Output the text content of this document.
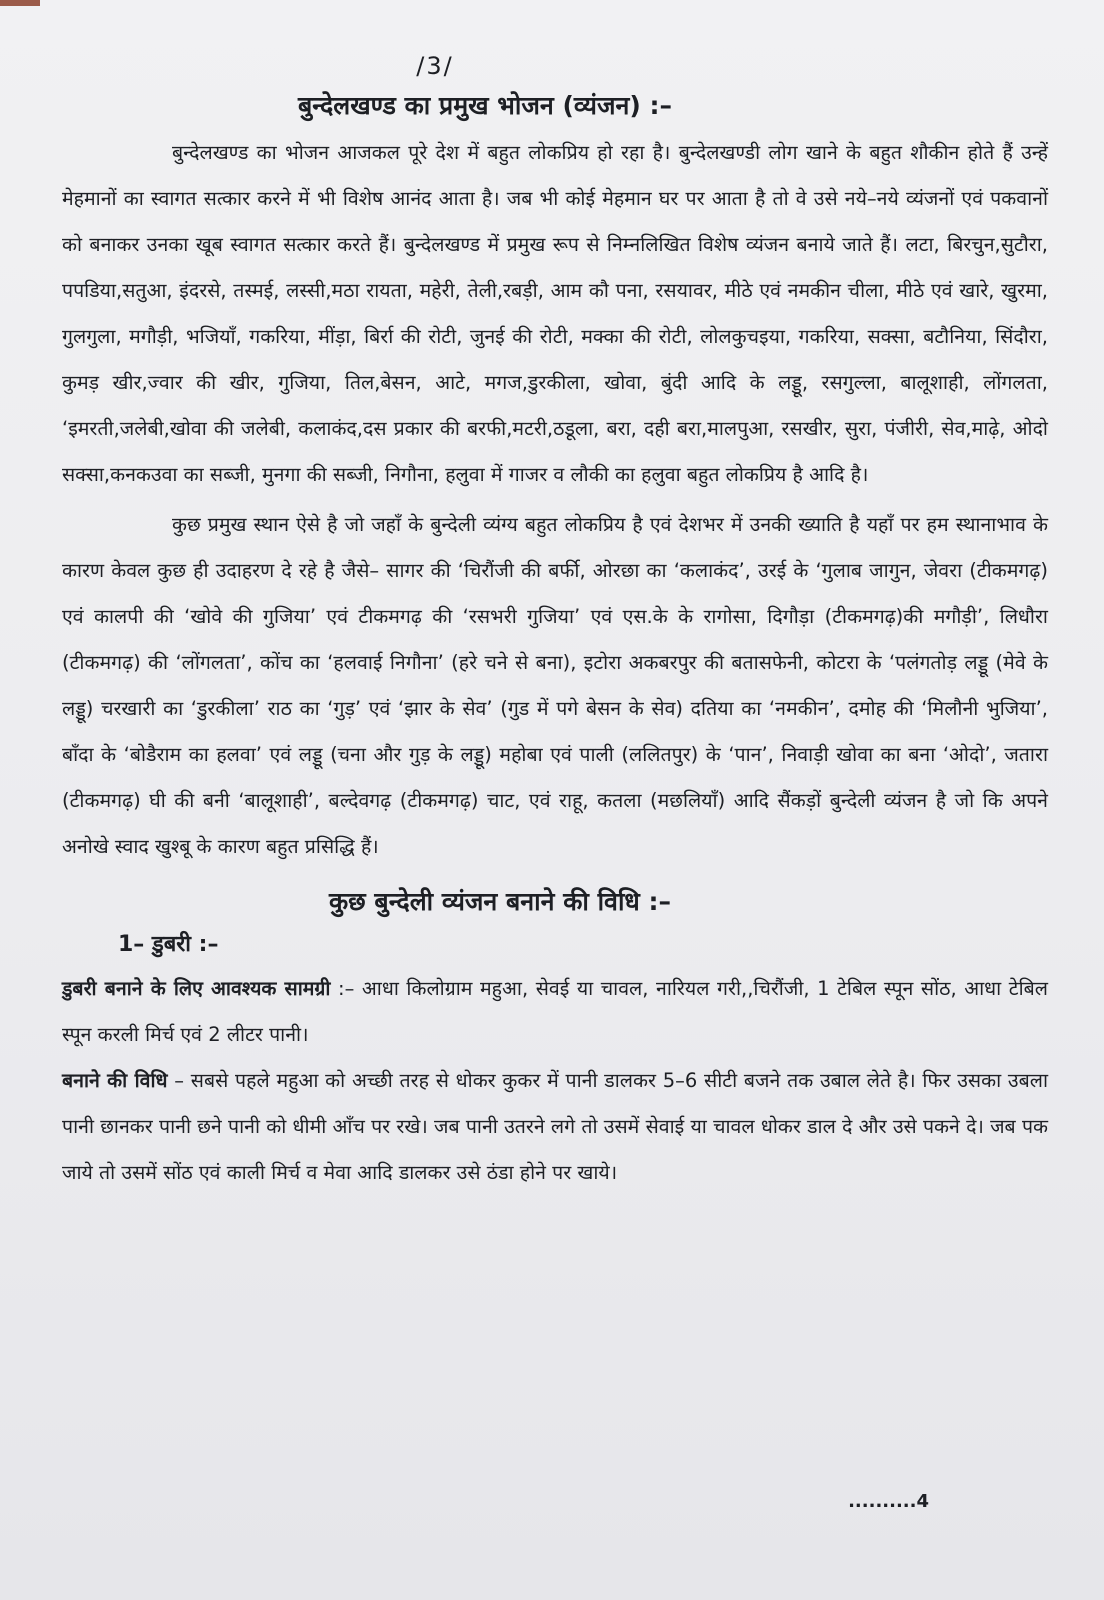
/3/
बुन्देलखण्ड का प्रमुख भोजन (व्यंजन) :–

बुन्देलखण्ड का भोजन आजकल पूरे देश में बहुत लोकप्रिय हो रहा है। बुन्देलखण्डी लोग खाने के बहुत शौकीन होते हैं उन्हें मेहमानों का स्वागत सत्कार करने में भी विशेष आनंद आता है। जब भी कोई मेहमान घर पर आता है तो वे उसे नये–नये व्यंजनों एवं पकवानों को बनाकर उनका खूब स्वागत सत्कार करते हैं। बुन्देलखण्ड में प्रमुख रूप से निम्नलिखित विशेष व्यंजन बनाये जाते हैं। लटा, बिरचुन,सुटौरा, पपडिया,सतुआ, इंदरसे, तस्मई, लस्सी,मठा रायता, महेरी, तेली,रबड़ी, आम कौ पना, रसयावर, मीठे एवं नमकीन चीला, मीठे एवं खारे, खुरमा, गुलगुला, मगौड़ी, भजियाँ, गकरिया, मींड़ा, बिर्रा की रोटी, जुनई की रोटी, मक्का की रोटी, लोलकुचइया, गकरिया, सक्सा, बटौनिया, सिंदौरा, कुमड़ खीर,ज्वार की खीर, गुजिया, तिल,बेसन, आटे, मगज,डुरकीला, खोवा, बुंदी आदि के लड्डू, रसगुल्ला, बालूशाही, लोंगलता, ‘इमरती,जलेबी,खोवा की जलेबी, कलाकंद,दस प्रकार की बरफी,मटरी,ठडूला, बरा, दही बरा,मालपुआ, रसखीर, सुरा, पंजीरी, सेव,माढ़े, ओदो सक्सा,कनकउवा का सब्जी, मुनगा की सब्जी, निगौना, हलुवा में गाजर व लौकी का हलुवा बहुत लोकप्रिय है आदि है।

कुछ प्रमुख स्थान ऐसे है जो जहाँ के बुन्देली व्यंग्य बहुत लोकप्रिय है एवं देशभर में उनकी ख्याति है यहाँ पर हम स्थानाभाव के कारण केवल कुछ ही उदाहरण दे रहे है जैसे– सागर की ‘चिरौंजी की बर्फी, ओरछा का ‘कलाकंद’, उरई के ‘गुलाब जागुन, जेवरा (टीकमगढ़) एवं कालपी की ‘खोवे की गुजिया’ एवं टीकमगढ़ की ‘रसभरी गुजिया’ एवं एस.के के रागोसा, दिगौड़ा (टीकमगढ़)की मगौड़ी’, लिधौरा (टीकमगढ़) की ‘लोंगलता’, कोंच का ‘हलवाई निगौना’ (हरे चने से बना), इटोरा अकबरपुर की बतासफेनी, कोटरा के ‘पलंगतोड़ लड्डू (मेवे के लड्डू) चरखारी का ‘डुरकीला’ राठ का ‘गुड़’ एवं ‘झार के सेव’ (गुड में पगे बेसन के सेव) दतिया का ‘नमकीन’, दमोह की ‘मिलौनी भुजिया’, बाँदा के ‘बोडैराम का हलवा’ एवं लड्डू (चना और गुड़ के लड्डू) महोबा एवं पाली (ललितपुर) के ‘पान’, निवाड़ी खोवा का बना ‘ओदो’, जतारा (टीकमगढ़) घी की बनी ‘बालूशाही’, बल्देवगढ़ (टीकमगढ़) चाट, एवं राहू, कतला (मछलियाँ) आदि सैंकड़ों बुन्देली व्यंजन है जो कि अपने अनोखे स्वाद खुश्बू के कारण बहुत प्रसिद्धि हैं।

कुछ बुन्देली व्यंजन बनाने की विधि :–
1– डुबरी :–

डुबरी बनाने के लिए आवश्यक सामग्री :– आधा किलोग्राम महुआ, सेवई या चावल, नारियल गरी,,चिरौंजी, 1 टेबिल स्पून सोंठ, आधा टेबिल स्पून करली मिर्च एवं 2 लीटर पानी।

बनाने की विधि – सबसे पहले महुआ को अच्छी तरह से धोकर कुकर में पानी डालकर 5–6 सीटी बजने तक उबाल लेते है। फिर उसका उबला पानी छानकर पानी छने पानी को धीमी आँच पर रखे। जब पानी उतरने लगे तो उसमें सेवाई या चावल धोकर डाल दे और उसे पकने दे। जब पक जाये तो उसमें सोंठ एवं काली मिर्च व मेवा आदि डालकर उसे ठंडा होने पर खाये।

..........4
